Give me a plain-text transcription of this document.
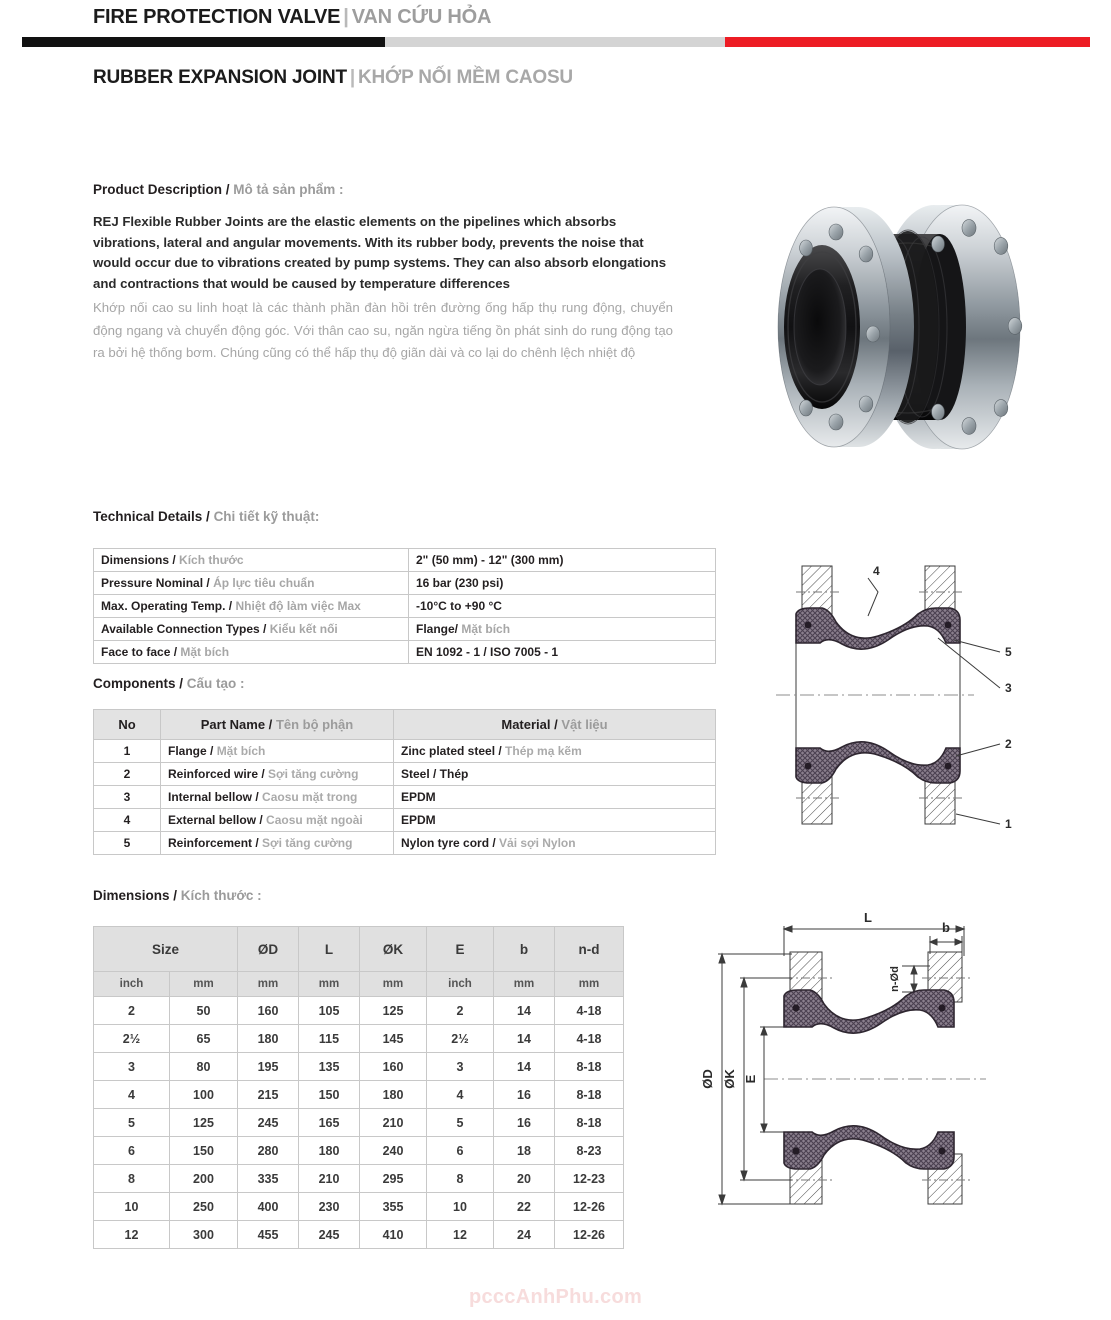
FIRE PROTECTION VALVE | VAN CỨU HỎA
RUBBER EXPANSION JOINT | KHỚP NỐI MỀM CAOSU
Product Description / Mô tả sản phẩm :
REJ Flexible Rubber Joints are the elastic elements on the pipelines which absorbs vibrations, lateral and angular movements. With its rubber body, prevents the noise that would occur due to vibrations created by pump systems. They can also absorb elongations and contractions that would be caused by temperature differences
Khớp nối cao su linh hoạt là các thành phần đàn hồi trên đường ống hấp thụ rung động, chuyển động ngang và chuyển động góc. Với thân cao su, ngăn ngừa tiếng ồn phát sinh do rung động tạo ra bởi hệ thống bơm. Chúng cũng có thể hấp thụ độ giãn dài và co lại do chênh lệch nhiệt độ
Technical Details / Chi tiết kỹ thuật:
Dimensions / Kích thước	2" (50 mm) - 12" (300 mm)
Pressure Nominal / Áp lực tiêu chuẩn	16 bar (230 psi)
Max. Operating Temp. / Nhiệt độ làm việc Max	-10°C to +90 °C
Available Connection Types / Kiểu kết nối	Flange/ Mặt bích
Face to face / Mặt bích	EN 1092 - 1 / ISO 7005 - 1
Components / Cấu tạo :
No	Part Name / Tên bộ phận	Material / Vật liệu
1	Flange / Mặt bích	Zinc plated steel / Thép mạ kẽm
2	Reinforced wire / Sợi tăng cường	Steel / Thép
3	Internal bellow / Caosu mặt trong	EPDM
4	External bellow / Caosu mặt ngoài	EPDM
5	Reinforcement / Sợi tăng cường	Nylon tyre cord / Vải sợi Nylon
4
5
3
2
1
Dimensions / Kích thước :
Size		ØD	L	ØK	E	b	n-d
inch	mm	mm	mm	mm	inch	mm	mm
2	50	160	105	125	2	14	4-18
2½	65	180	115	145	2½	14	4-18
3	80	195	135	160	3	14	8-18
4	100	215	150	180	4	16	8-18
5	125	245	165	210	5	16	8-18
6	150	280	180	240	6	18	8-23
8	200	335	210	295	8	20	12-23
10	250	400	230	355	10	22	12-26
12	300	455	245	410	12	24	12-26
L
b
n-Ød
ØD ØK E
pcccAnhPhu.com
